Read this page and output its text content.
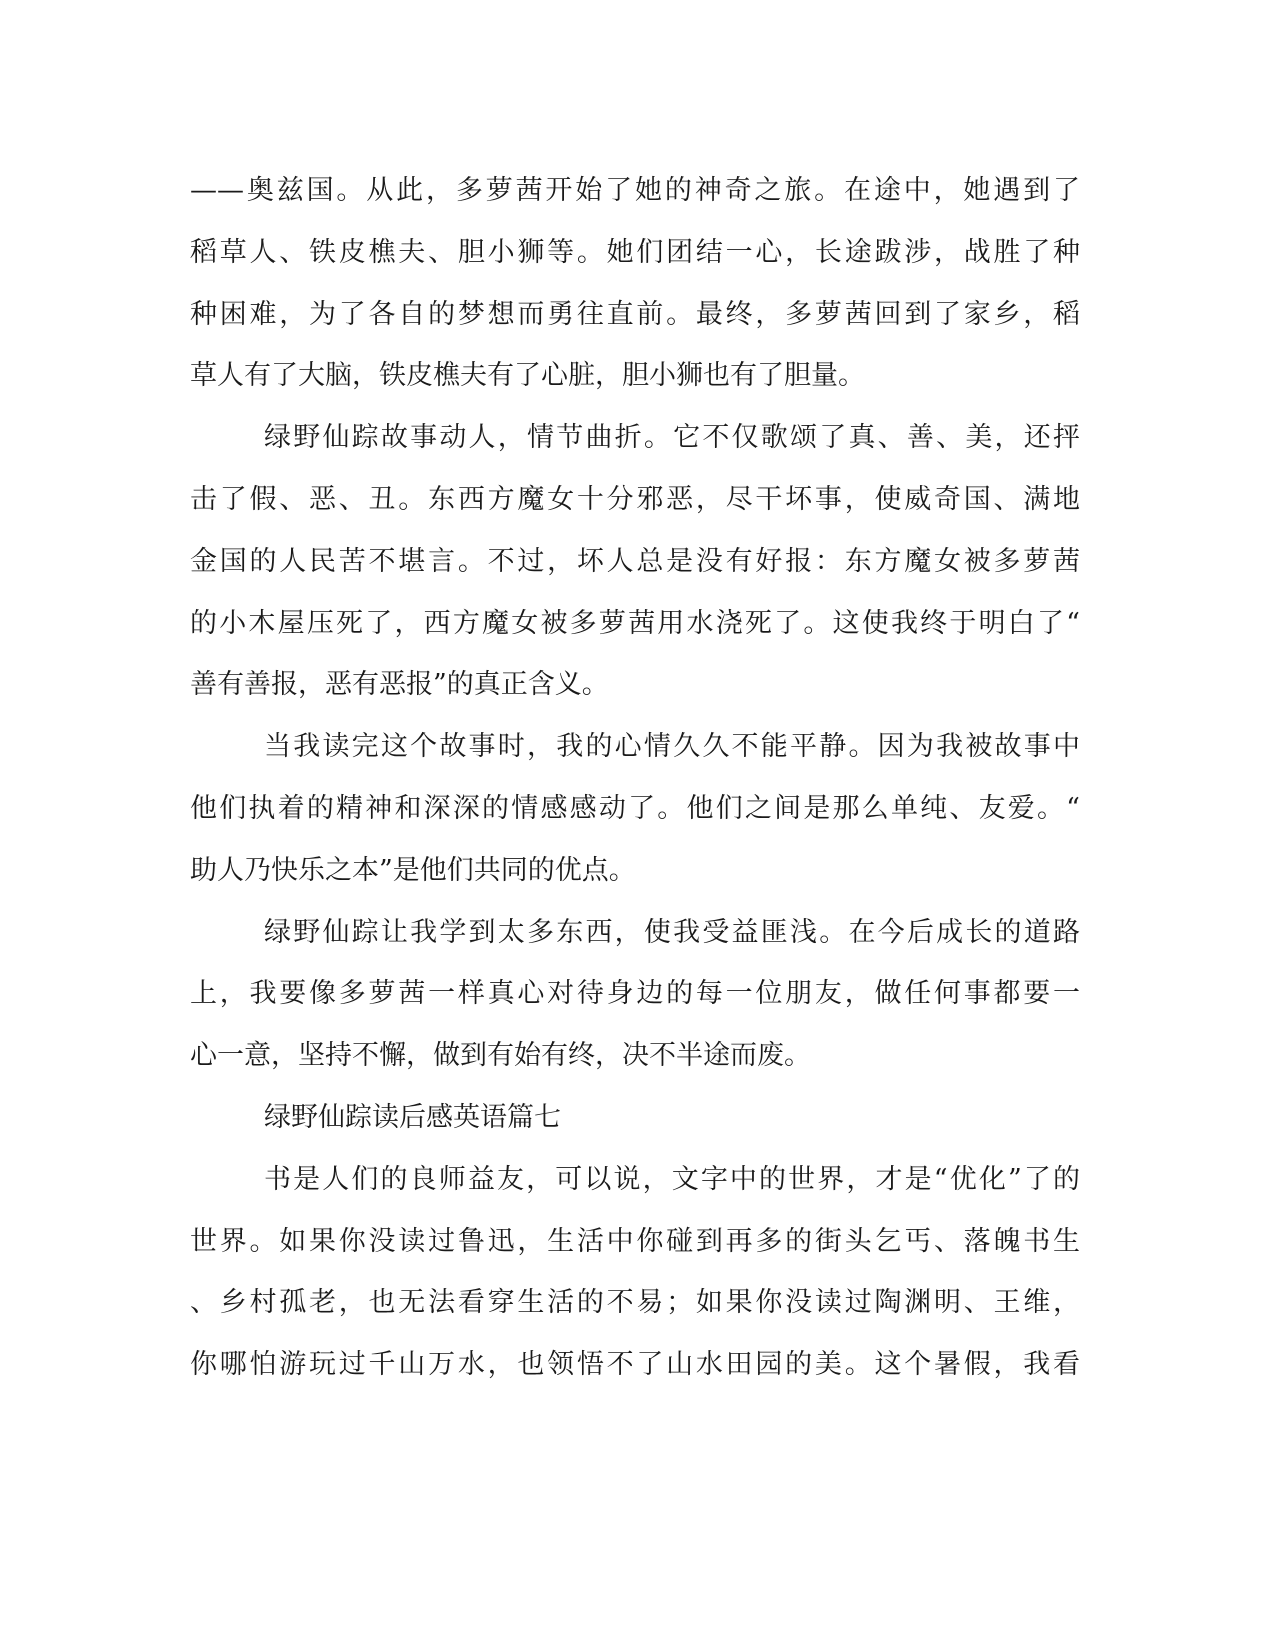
——奥兹国。从此，多萝茜开始了她的神奇之旅。在途中，她遇到了
稻草人、铁皮樵夫、胆小狮等。她们团结一心，长途跋涉，战胜了种
种困难，为了各自的梦想而勇往直前。最终，多萝茜回到了家乡，稻
草人有了大脑，铁皮樵夫有了心脏，胆小狮也有了胆量。
绿野仙踪故事动人，情节曲折。它不仅歌颂了真、善、美，还抨
击了假、恶、丑。东西方魔女十分邪恶，尽干坏事，使威奇国、满地
金国的人民苦不堪言。不过，坏人总是没有好报：东方魔女被多萝茜
的小木屋压死了，西方魔女被多萝茜用水浇死了。这使我终于明白了“
善有善报，恶有恶报”的真正含义。
当我读完这个故事时，我的心情久久不能平静。因为我被故事中
他们执着的精神和深深的情感感动了。他们之间是那么单纯、友爱。“
助人乃快乐之本”是他们共同的优点。
绿野仙踪让我学到太多东西，使我受益匪浅。在今后成长的道路
上，我要像多萝茜一样真心对待身边的每一位朋友，做任何事都要一
心一意，坚持不懈，做到有始有终，决不半途而废。
绿野仙踪读后感英语篇七
书是人们的良师益友，可以说，文字中的世界，才是“优化”了的
世界。如果你没读过鲁迅，生活中你碰到再多的街头乞丐、落魄书生
、乡村孤老，也无法看穿生活的不易；如果你没读过陶渊明、王维，
你哪怕游玩过千山万水，也领悟不了山水田园的美。这个暑假，我看
